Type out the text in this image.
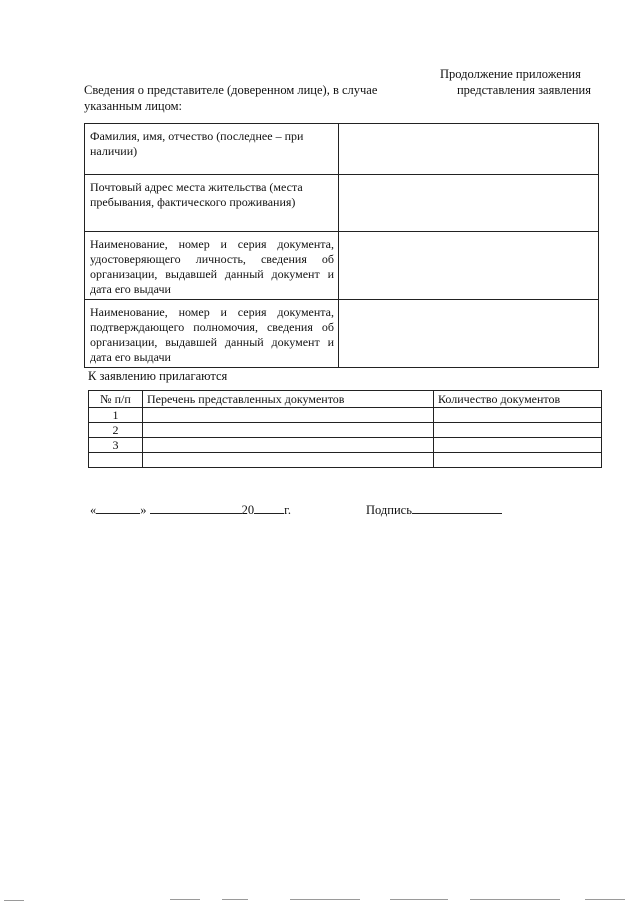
Продолжение приложения
Сведения о представителе (доверенном лице), в случае	представления заявления
указанным лицом:
Фамилия, имя, отчество (последнее – при наличии)	
Почтовый адрес места жительства (места пребывания, фактического проживания)	
Наименование, номер и серия документа, удостоверяющего личность, сведения об организации, выдавшей данный документ и дата его выдачи	
Наименование, номер и серия документа, подтверждающего полномочия, сведения об организации, выдавшей данный документ и дата его выдачи	
К заявлению прилагаются
№ п/п	Перечень представленных документов	Количество документов
1		
2		
3		

«	»	20 г.	Подпись
